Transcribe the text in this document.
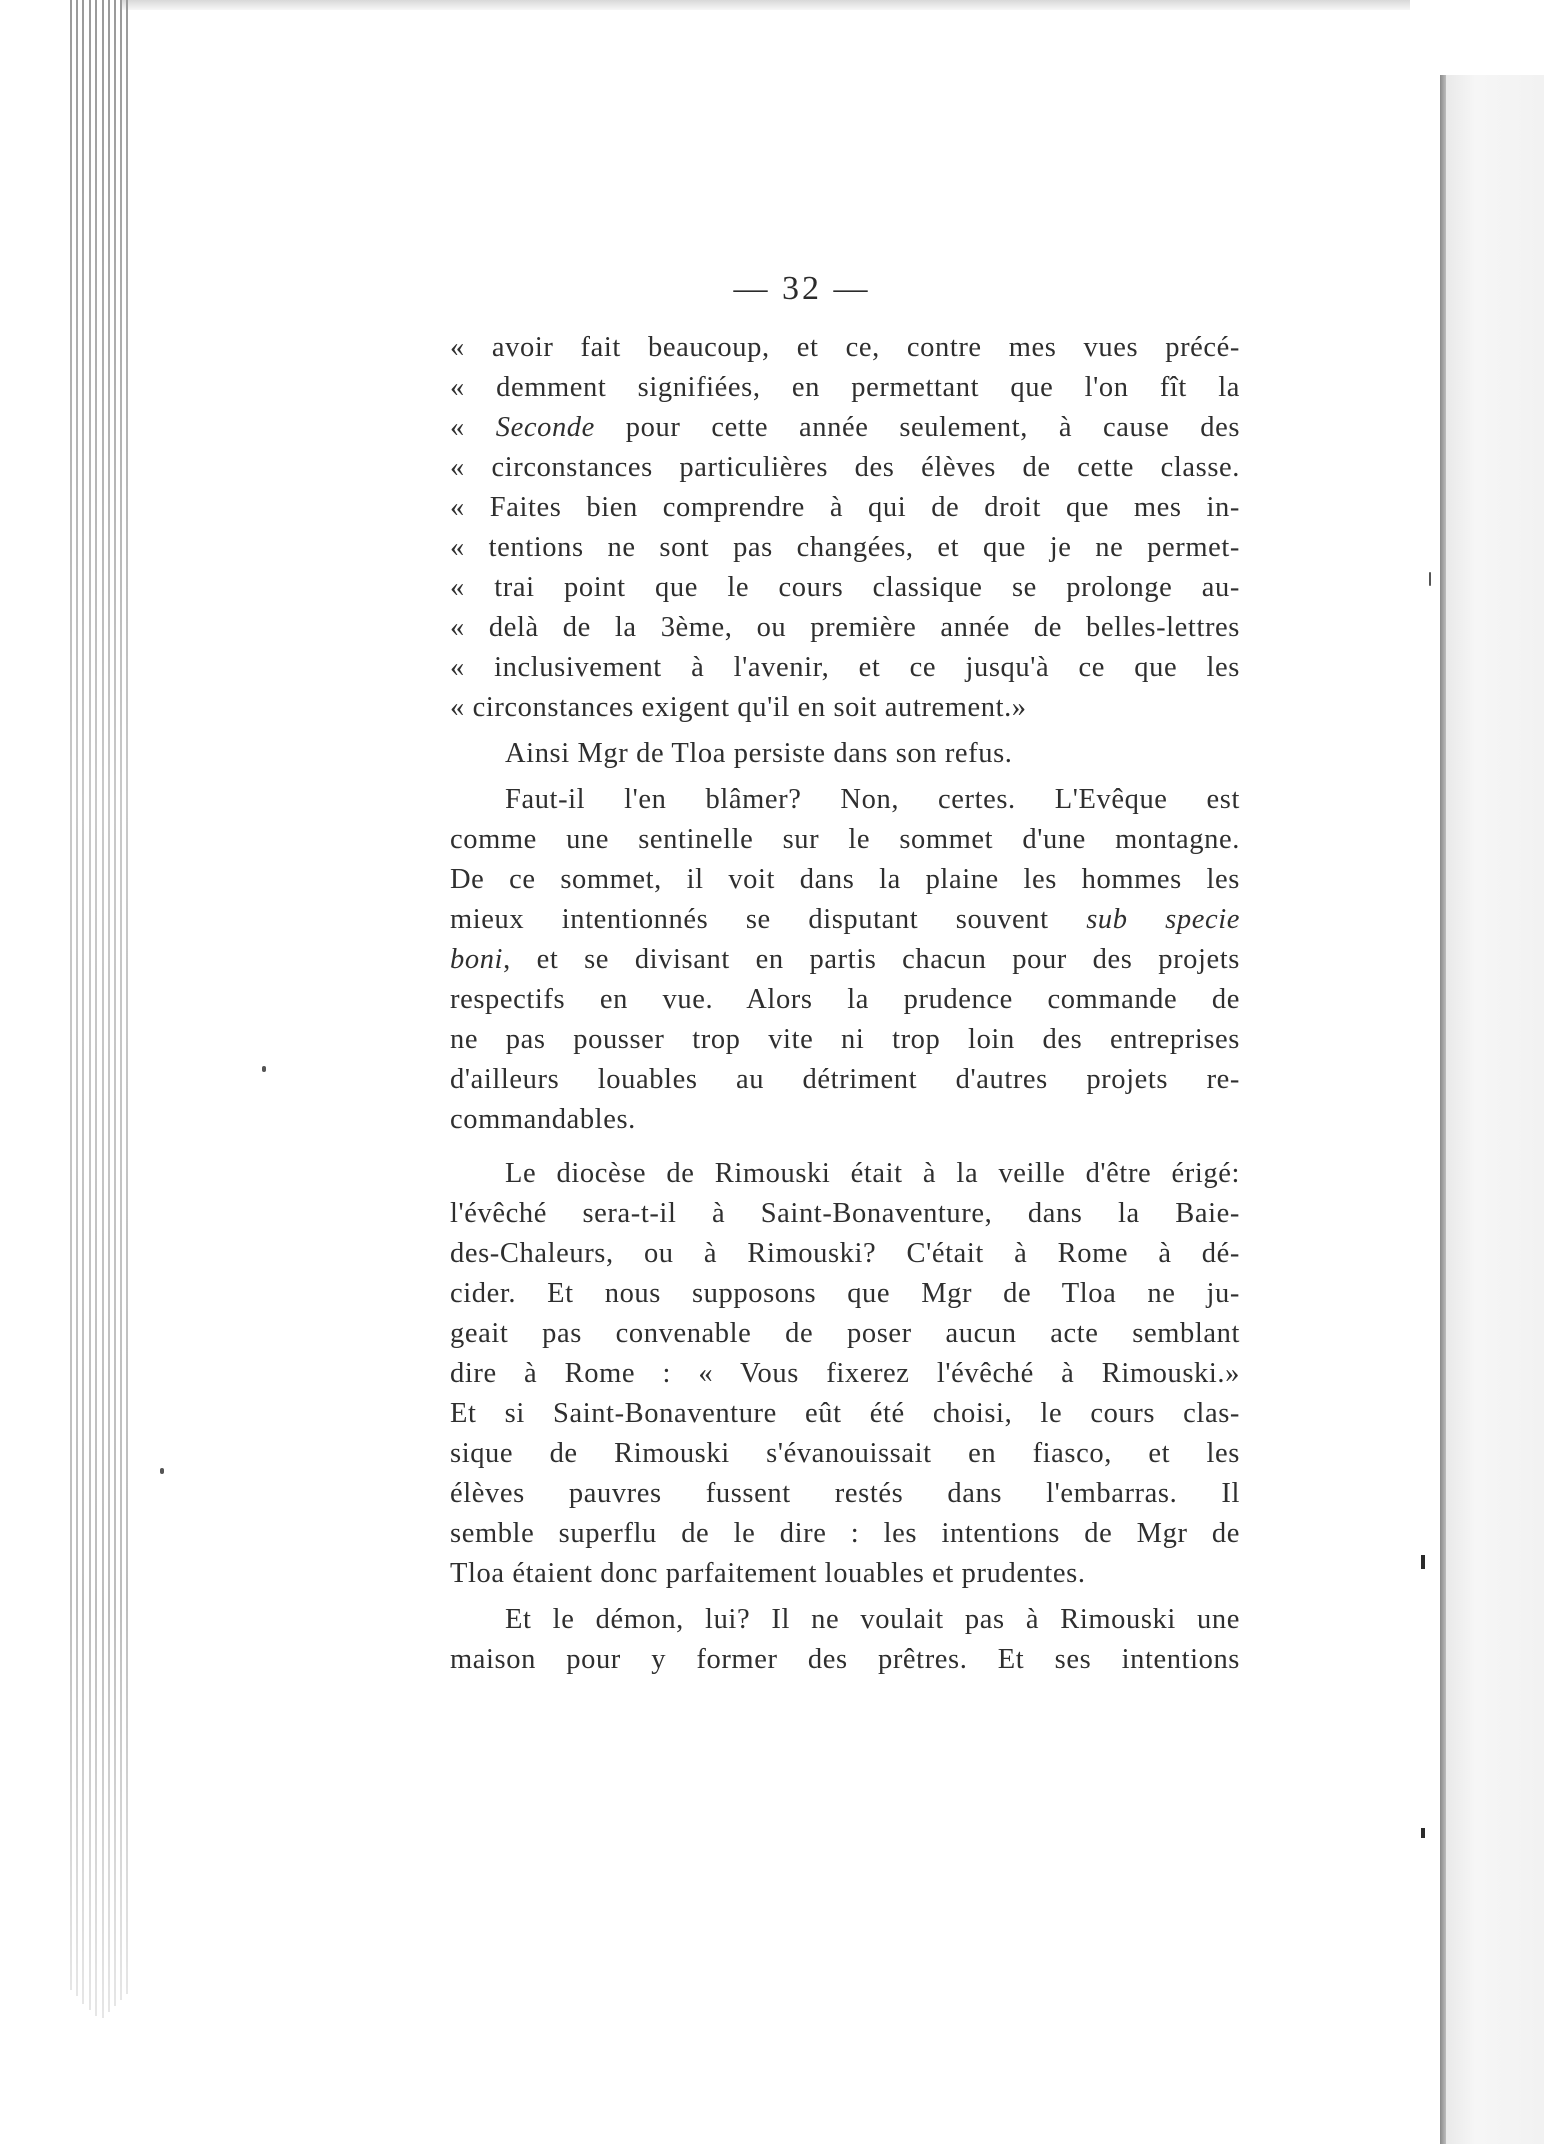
— 32 —
« avoir fait beaucoup, et ce, contre mes vues précé-
« demment signifiées, en permettant que l'on fît la
« Seconde pour cette année seulement, à cause des
« circonstances particulières des élèves de cette classe.
« Faites bien comprendre à qui de droit que mes in-
« tentions ne sont pas changées, et que je ne permet-
« trai point que le cours classique se prolonge au-
« delà de la 3ème, ou première année de belles-lettres
« inclusivement à l'avenir, et ce jusqu'à ce que les
« circonstances exigent qu'il en soit autrement.»
Ainsi Mgr de Tloa persiste dans son refus.
Faut-il l'en blâmer? Non, certes. L'Evêque est
comme une sentinelle sur le sommet d'une montagne.
De ce sommet, il voit dans la plaine les hommes les
mieux intentionnés se disputant souvent sub specie
boni, et se divisant en partis chacun pour des projets
respectifs en vue. Alors la prudence commande de
ne pas pousser trop vite ni trop loin des entreprises
d'ailleurs louables au détriment d'autres projets re-
commandables.
Le diocèse de Rimouski était à la veille d'être érigé:
l'évêché sera-t-il à Saint-Bonaventure, dans la Baie-
des-Chaleurs, ou à Rimouski? C'était à Rome à dé-
cider. Et nous supposons que Mgr de Tloa ne ju-
geait pas convenable de poser aucun acte semblant
dire à Rome : « Vous fixerez l'évêché à Rimouski.»
Et si Saint-Bonaventure eût été choisi, le cours clas-
sique de Rimouski s'évanouissait en fiasco, et les
élèves pauvres fussent restés dans l'embarras. Il
semble superflu de le dire : les intentions de Mgr de
Tloa étaient donc parfaitement louables et prudentes.
Et le démon, lui? Il ne voulait pas à Rimouski une
maison pour y former des prêtres. Et ses intentions
